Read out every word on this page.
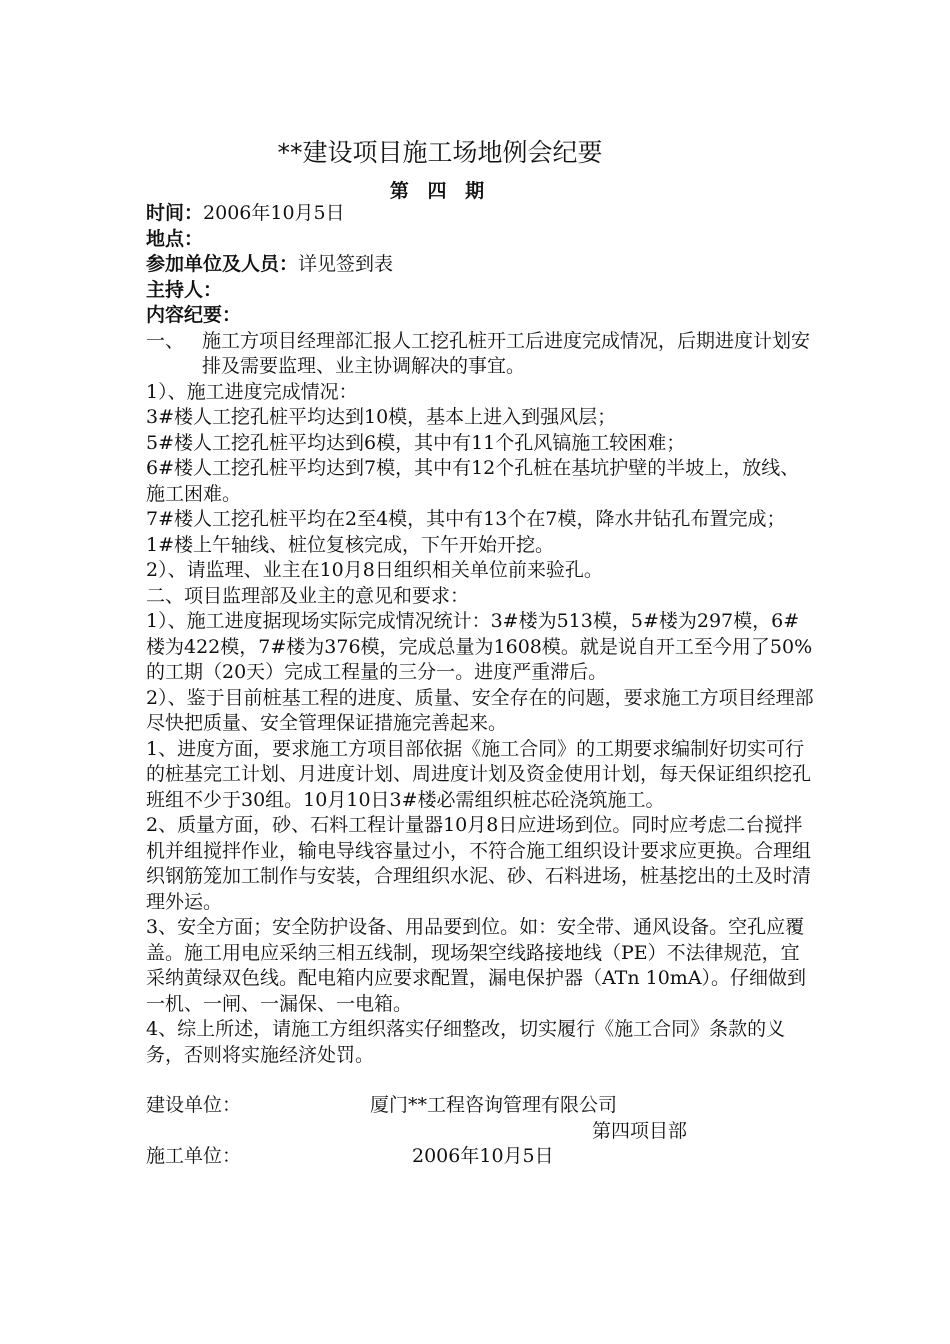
**建设项目施工场地例会纪要
第 四 期
时间：2006年10月5日
地点：
参加单位及人员：详见签到表
主持人：
内容纪要：
一、 施工方项目经理部汇报人工挖孔桩开工后进度完成情况，后期进度计划安排及需要监理、业主协调解决的事宜。
1）、施工进度完成情况：
3#楼人工挖孔桩平均达到10模，基本上进入到强风层；
5#楼人工挖孔桩平均达到6模，其中有11个孔风镐施工较困难；
6#楼人工挖孔桩平均达到7模，其中有12个孔桩在基坑护壁的半坡上，放线、施工困难。
7#楼人工挖孔桩平均在2至4模，其中有13个在7模，降水井钻孔布置完成；
1#楼上午轴线、桩位复核完成，下午开始开挖。
2）、请监理、业主在10月8日组织相关单位前来验孔。
二、项目监理部及业主的意见和要求：
1）、施工进度据现场实际完成情况统计：3#楼为513模，5#楼为297模，6#楼为422模，7#楼为376模，完成总量为1608模。就是说自开工至今用了50%的工期（20天）完成工程量的三分一。进度严重滞后。
2）、鉴于目前桩基工程的进度、质量、安全存在的问题，要求施工方项目经理部尽快把质量、安全管理保证措施完善起来。
1、进度方面，要求施工方项目部依据《施工合同》的工期要求编制好切实可行的桩基完工计划、月进度计划、周进度计划及资金使用计划，每天保证组织挖孔班组不少于30组。10月10日3#楼必需组织桩芯砼浇筑施工。
2、质量方面，砂、石料工程计量器10月8日应进场到位。同时应考虑二台搅拌机并组搅拌作业，输电导线容量过小，不符合施工组织设计要求应更换。合理组织钢筋笼加工制作与安装，合理组织水泥、砂、石料进场，桩基挖出的土及时清理外运。
3、安全方面；安全防护设备、用品要到位。如：安全带、通风设备。空孔应覆盖。施工用电应采纳三相五线制，现场架空线路接地线（PE）不法律规范，宜采纳黄绿双色线。配电箱内应要求配置，漏电保护器（ATn 10mA）。仔细做到一机、一闸、一漏保、一电箱。
4、综上所述，请施工方组织落实仔细整改，切实履行《施工合同》条款的义务，否则将实施经济处罚。
建设单位：	厦门**工程咨询管理有限公司
第四项目部
施工单位：	2006年10月5日
